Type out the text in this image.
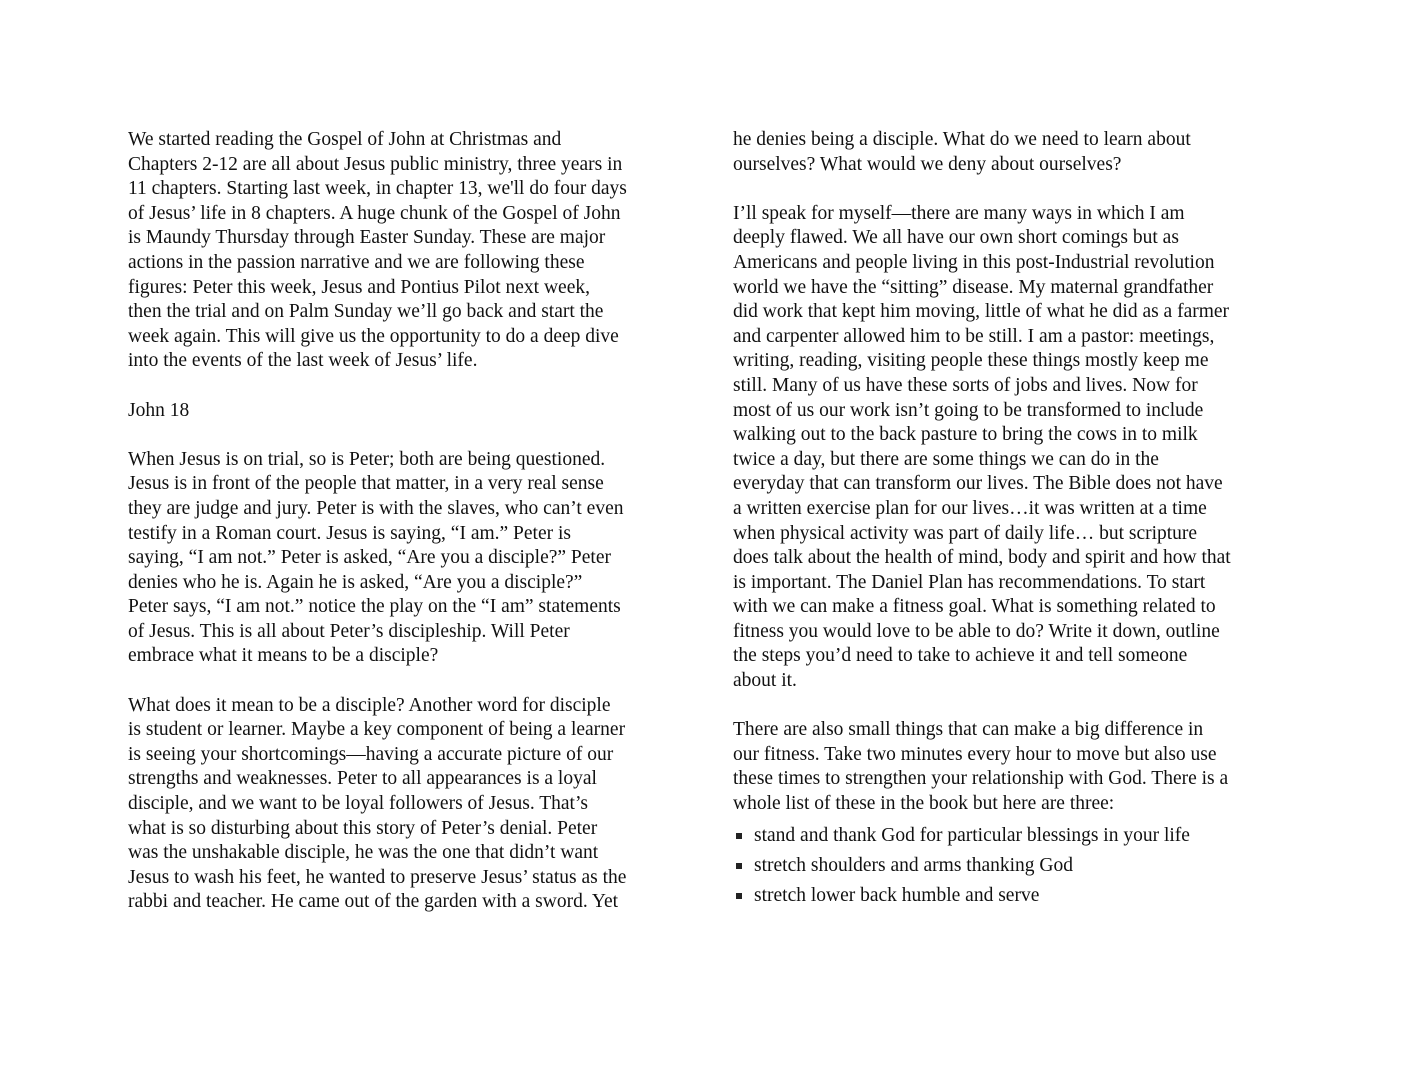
We started reading the Gospel of John at Christmas and
Chapters 2-12 are all about Jesus public ministry, three years in
11 chapters. Starting last week, in chapter 13, we'll do four days
of Jesus’ life in 8 chapters. A huge chunk of the Gospel of John
is Maundy Thursday through Easter Sunday. These are major
actions in the passion narrative and we are following these
figures: Peter this week, Jesus and Pontius Pilot next week,
then the trial and on Palm Sunday we’ll go back and start the
week again. This will give us the opportunity to do a deep dive
into the events of the last week of Jesus’ life.
John 18
When Jesus is on trial, so is Peter; both are being questioned.
Jesus is in front of the people that matter, in a very real sense
they are judge and jury. Peter is with the slaves, who can’t even
testify in a Roman court. Jesus is saying, “I am.” Peter is
saying, “I am not.” Peter is asked, “Are you a disciple?” Peter
denies who he is. Again he is asked, “Are you a disciple?”
Peter says, “I am not.” notice the play on the “I am” statements
of Jesus. This is all about Peter’s discipleship. Will Peter
embrace what it means to be a disciple?
What does it mean to be a disciple? Another word for disciple
is student or learner. Maybe a key component of being a learner
is seeing your shortcomings—having a accurate picture of our
strengths and weaknesses. Peter to all appearances is a loyal
disciple, and we want to be loyal followers of Jesus. That’s
what is so disturbing about this story of Peter’s denial. Peter
was the unshakable disciple, he was the one that didn’t want
Jesus to wash his feet, he wanted to preserve Jesus’ status as the
rabbi and teacher. He came out of the garden with a sword. Yet
he denies being a disciple. What do we need to learn about
ourselves? What would we deny about ourselves?
I’ll speak for myself—there are many ways in which I am
deeply flawed. We all have our own short comings but as
Americans and people living in this post-Industrial revolution
world we have the “sitting” disease. My maternal grandfather
did work that kept him moving, little of what he did as a farmer
and carpenter allowed him to be still. I am a pastor: meetings,
writing, reading, visiting people these things mostly keep me
still. Many of us have these sorts of jobs and lives. Now for
most of us our work isn’t going to be transformed to include
walking out to the back pasture to bring the cows in to milk
twice a day, but there are some things we can do in the
everyday that can transform our lives. The Bible does not have
a written exercise plan for our lives…it was written at a time
when physical activity was part of daily life… but scripture
does talk about the health of mind, body and spirit and how that
is important. The Daniel Plan has recommendations. To start
with we can make a fitness goal. What is something related to
fitness you would love to be able to do? Write it down, outline
the steps you’d need to take to achieve it and tell someone
about it.
There are also small things that can make a big difference in
our fitness. Take two minutes every hour to move but also use
these times to strengthen your relationship with God. There is a
whole list of these in the book but here are three:
stand and thank God for particular blessings in your life
stretch shoulders and arms thanking God
stretch lower back humble and serve
